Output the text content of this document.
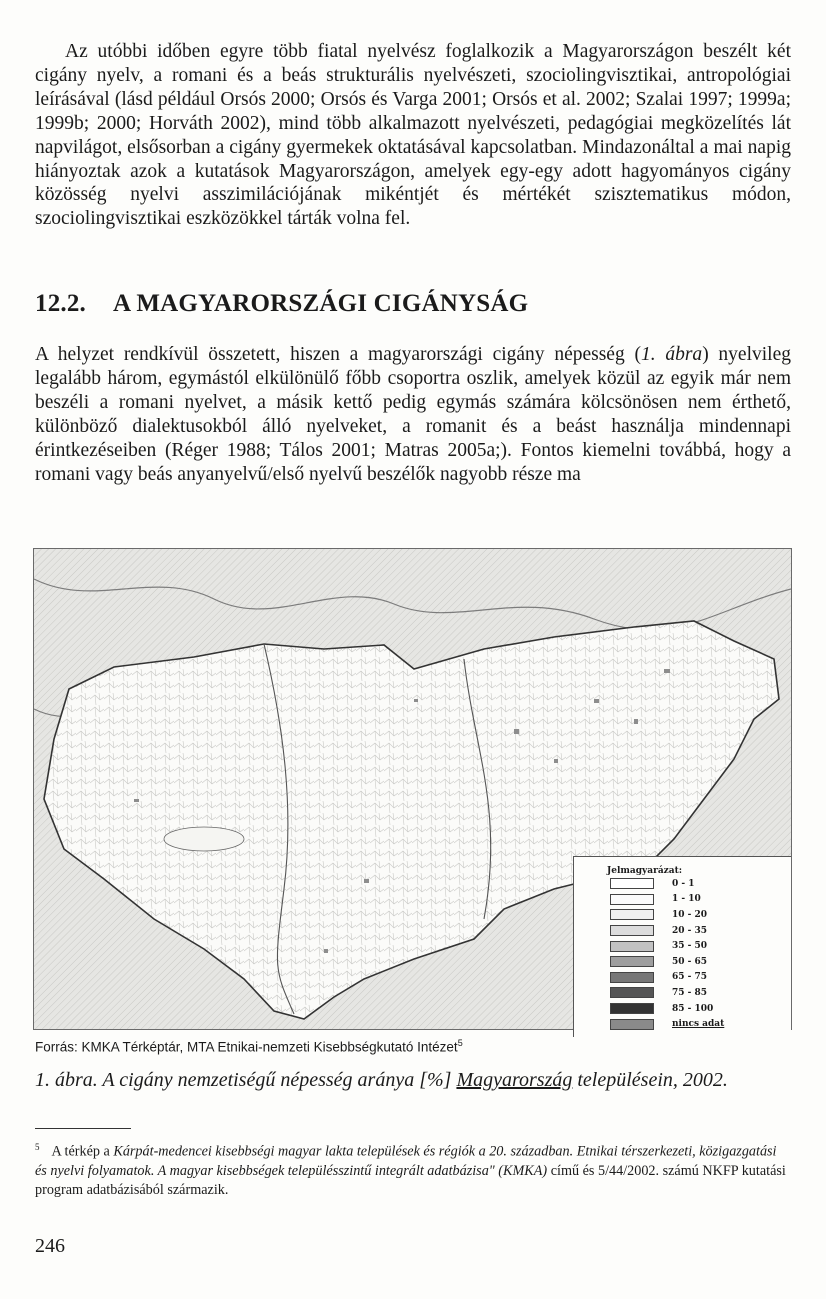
Az utóbbi időben egyre több fiatal nyelvész foglalkozik a Magyarországon beszélt két cigány nyelv, a romani és a beás strukturális nyelvészeti, szociolingvisztikai, antropológiai leírásával (lásd például Orsós 2000; Orsós és Varga 2001; Orsós et al. 2002; Szalai 1997; 1999a; 1999b; 2000; Horváth 2002), mind több alkalmazott nyelvészeti, pedagógiai megközelítés lát napvilágot, elsősorban a cigány gyermekek oktatásával kapcsolatban. Mindazonáltal a mai napig hiányoztak azok a kutatások Magyarországon, amelyek egy-egy adott hagyományos cigány közösség nyelvi asszimilációjának mikéntjét és mértékét szisztematikus módon, szociolingvisztikai eszközökkel tárták volna fel.
12.2. A MAGYARORSZÁGI CIGÁNYSÁG
A helyzet rendkívül összetett, hiszen a magyarországi cigány népesség (1. ábra) nyelvileg legalább három, egymástól elkülönülő főbb csoportra oszlik, amelyek közül az egyik már nem beszéli a romani nyelvet, a másik kettő pedig egymás számára kölcsönösen nem érthető, különböző dialektusokból álló nyelveket, a romanit és a beást használja mindennapi érintkezéseiben (Réger 1988; Tálos 2001; Matras 2005a;). Fontos kiemelni továbbá, hogy a romani vagy beás anyanyelvű/első nyelvű beszélők nagyobb része ma
Jelmagyarázat:
0 - 1
1 - 10
10 - 20
20 - 35
35 - 50
50 - 65
65 - 75
75 - 85
85 - 100
nincs adat
Forrás: KMKA Térképtár, MTA Etnikai-nemzeti Kisebbségkutató Intézet$^5$
1. ábra. A cigány nemzetiségű népesség aránya [%] Magyarország településein, 2002.
$^5$ A térkép a Kárpát-medencei kisebbségi magyar lakta települések és régiók a 20. században. Etnikai térszerkezeti, közigazgatási és nyelvi folyamatok. A magyar kisebbségek településszintű integrált adatbázisa" (KMKA) című és 5/44/2002. számú NKFP kutatási program adatbázisából származik.
246
